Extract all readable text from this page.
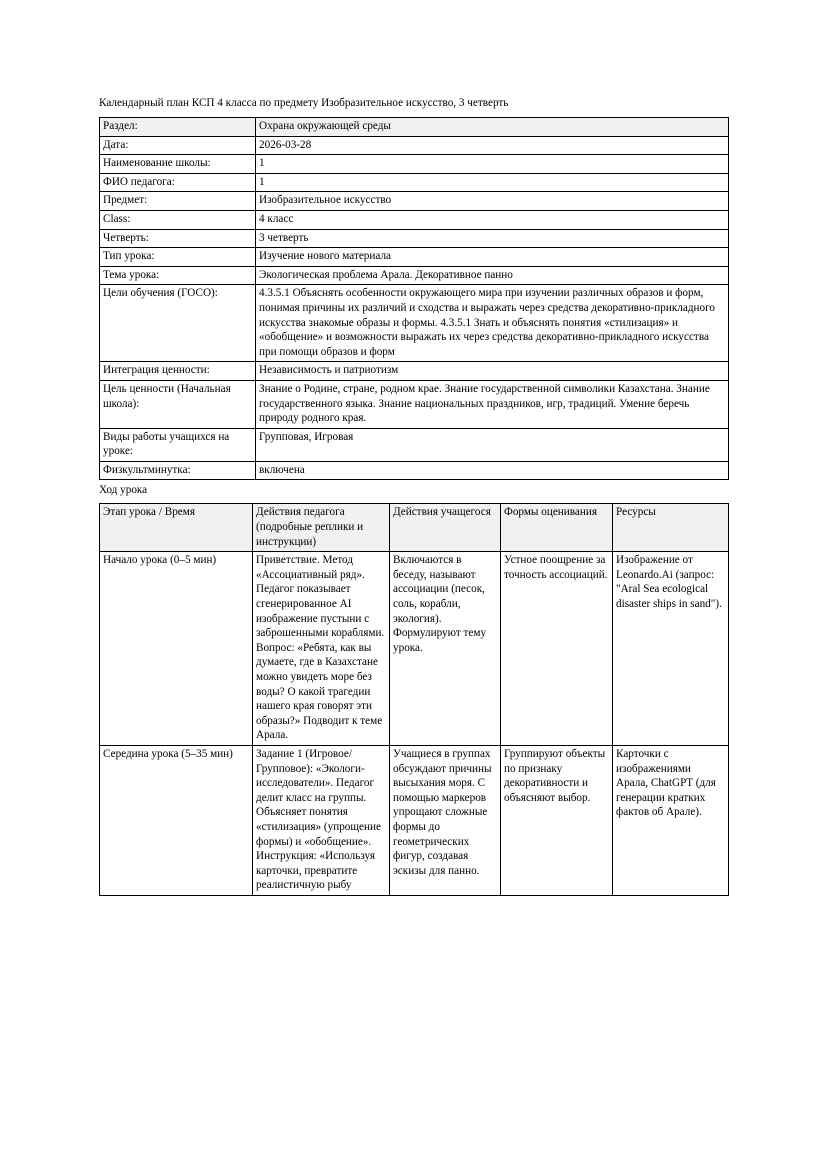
Календарный план КСП 4 класса по предмету Изобразительное искусство, 3 четверть
Раздел:	Охрана окружающей среды
Дата:	2026-03-28
Наименование школы:	1
ФИО педагога:	1
Предмет:	Изобразительное искусство
Class:	4 класс
Четверть:	3 четверть
Тип урока:	Изучение нового материала
Тема урока:	Экологическая проблема Арала. Декоративное панно
Цели обучения (ГОСО):	4.3.5.1 Объяснять особенности окружающего мира при изучении различных образов и форм, понимая причины их различий и сходства и выражать через средства декоративно-прикладного искусства знакомые образы и формы. 4.3.5.1 Знать и объяснять понятия «стилизация» и «обобщение» и возможности выражать их через средства декоративно-прикладного искусства при помощи образов и форм
Интеграция ценности:	Независимость и патриотизм
Цель ценности (Начальная школа):	Знание о Родине, стране, родном крае. Знание государственной символики Казахстана. Знание государственного языка. Знание национальных праздников, игр, традиций. Умение беречь природу родного края.
Виды работы учащихся на уроке:	Групповая, Игровая
Физкультминутка:	включена
Ход урока
Этап урока / Время	Действия педагога (подробные реплики и инструкции)	Действия учащегося	Формы оценивания	Ресурсы
Начало урока (0–5 мин)	Приветствие. Метод «Ассоциативный ряд». Педагог показывает сгенерированное AI изображение пустыни с заброшенными кораблями. Вопрос: «Ребята, как вы думаете, где в Казахстане можно увидеть море без воды? О какой трагедии нашего края говорят эти образы?» Подводит к теме Арала.	Включаются в беседу, называют ассоциации (песок, соль, корабли, экология). Формулируют тему урока.	Устное поощрение за точность ассоциаций.	Изображение от Leonardo.Ai (запрос: "Aral Sea ecological disaster ships in sand").

Середина урока (5–35 мин)	Задание 1 (Игровое/Групповое): «Экологи-исследователи». Педагог делит класс на группы. Объясняет понятия «стилизация» (упрощение формы) и «обобщение». Инструкция: «Используя карточки, превратите реалистичную рыбу	Учащиеся в группах обсуждают причины высыхания моря. С помощью маркеров упрощают сложные формы до геометрических фигур, создавая эскизы для панно.	Группируют объекты по признаку декоративности и объясняют выбор.	Карточки с изображениями Арала, ChatGPT (для генерации кратких фактов об Арале).
